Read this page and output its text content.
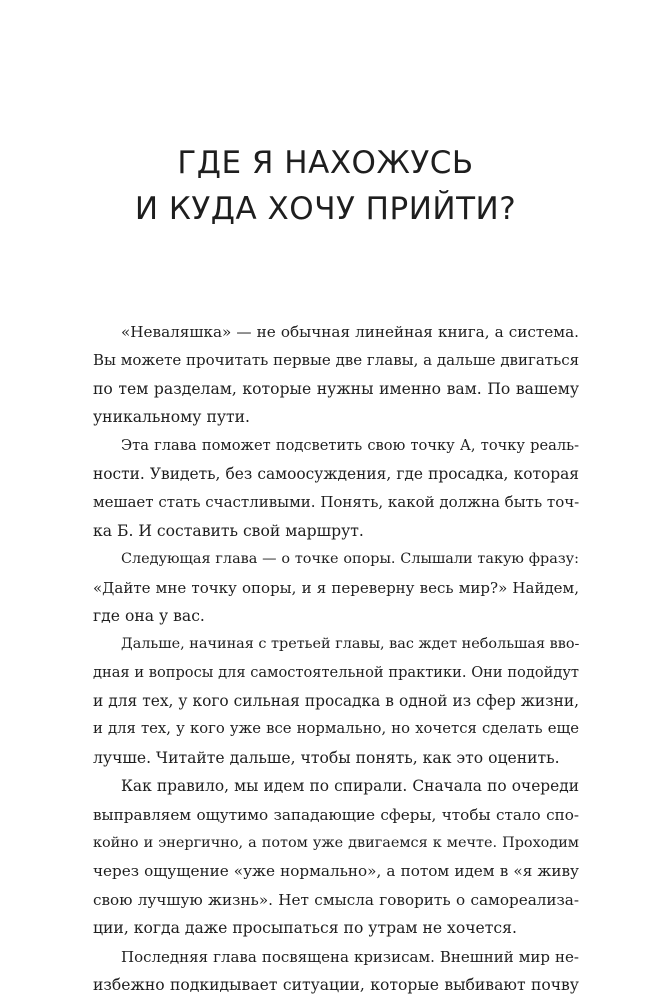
ГДЕ Я НАХОЖУСЬ
И КУДА ХОЧУ ПРИЙТИ?
«Неваляшка» — не обычная линейная книга, а система.
Вы можете прочитать первые две главы, а дальше двигаться
по тем разделам, которые нужны именно вам. По вашему
уникальному пути.
Эта глава поможет подсветить свою точку А, точку реаль-
ности. Увидеть, без самоосуждения, где просадка, которая
мешает стать счастливыми. Понять, какой должна быть точ-
ка Б. И составить свой маршрут.
Следующая глава — о точке опоры. Слышали такую фразу:
«Дайте мне точку опоры, и я переверну весь мир?» Найдем,
где она у вас.
Дальше, начиная с третьей главы, вас ждет небольшая вво-
дная и вопросы для самостоятельной практики. Они подойдут
и для тех, у кого сильная просадка в одной из сфер жизни,
и для тех, у кого уже все нормально, но хочется сделать еще
лучше. Читайте дальше, чтобы понять, как это оценить.
Как правило, мы идем по спирали. Сначала по очереди
выправляем ощутимо западающие сферы, чтобы стало спо-
койно и энергично, а потом уже двигаемся к мечте. Проходим
через ощущение «уже нормально», а потом идем в «я живу
свою лучшую жизнь». Нет смысла говорить о самореализа-
ции, когда даже просыпаться по утрам не хочется.
Последняя глава посвящена кризисам. Внешний мир не-
избежно подкидывает ситуации, которые выбивают почву
